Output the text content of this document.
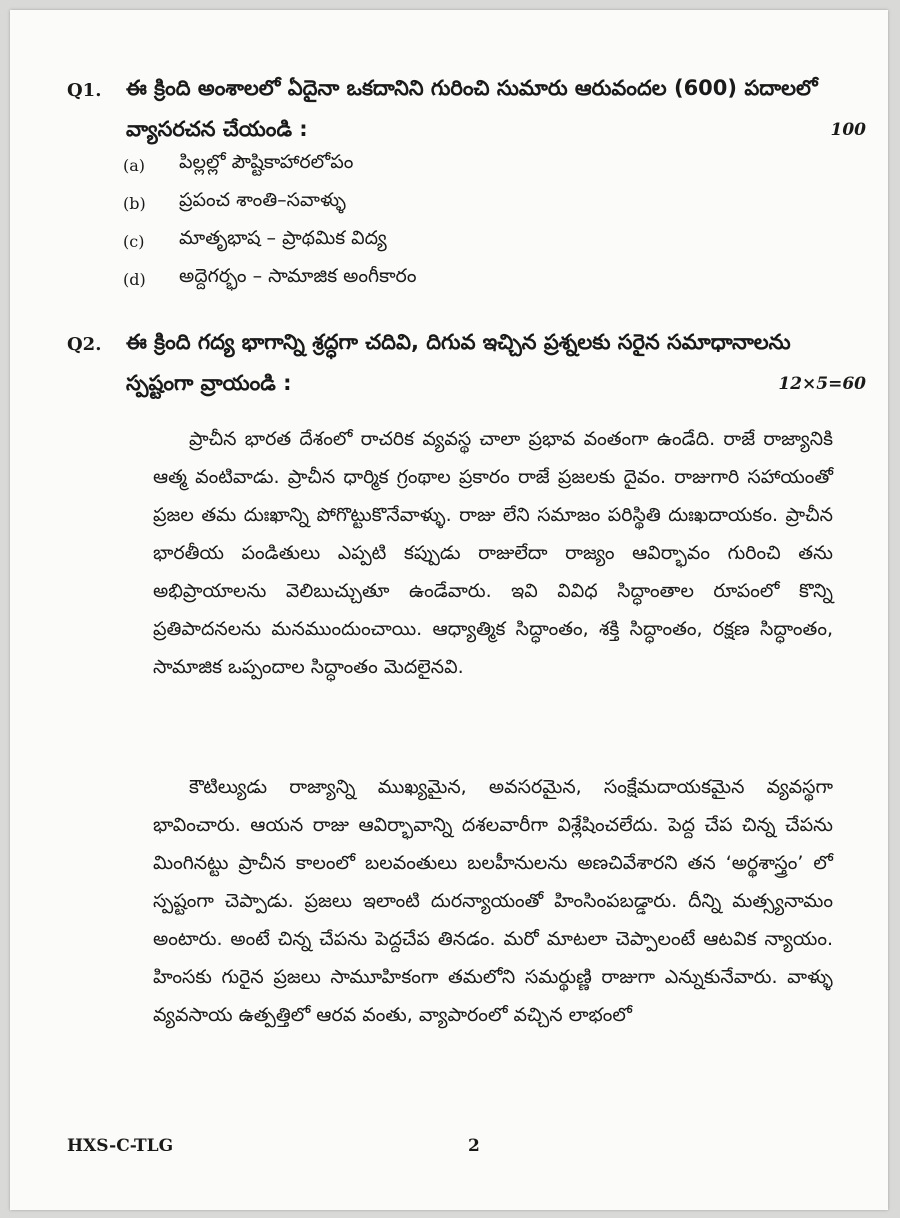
Q1. ఈ క్రింది అంశాలలో ఏదైనా ఒకదానిని గురించి సుమారు ఆరువందల (600) పదాలలో వ్యాసరచన చేయండి :	100
(a) పిల్లల్లో పౌష్టికాహారలోపం
(b) ప్రపంచ శాంతి–సవాళ్ళు
(c) మాతృభాష – ప్రాథమిక విద్య
(d) అద్దెగర్భం – సామాజిక అంగీకారం
Q2. ఈ క్రింది గద్య భాగాన్ని శ్రద్ధగా చదివి, దిగువ ఇచ్చిన ప్రశ్నలకు సరైన సమాధానాలను స్పష్టంగా వ్రాయండి :	12×5=60

ప్రాచీన భారత దేశంలో రాచరిక వ్యవస్థ చాలా ప్రభావ వంతంగా ఉండేది. రాజే రాజ్యానికి ఆత్మ వంటివాడు. ప్రాచీన ధార్మిక గ్రంథాల ప్రకారం రాజే ప్రజలకు దైవం. రాజుగారి సహాయంతో ప్రజల తమ దుఃఖాన్ని పోగొట్టుకొనేవాళ్ళు. రాజు లేని సమాజం పరిస్థితి దుఃఖదాయకం. ప్రాచీన భారతీయ పండితులు ఎప్పటి కప్పుడు రాజులేదా రాజ్యం ఆవిర్భావం గురించి తను అభిప్రాయాలను వెలిబుచ్చుతూ ఉండేవారు. ఇవి వివిధ సిద్ధాంతాల రూపంలో కొన్ని ప్రతిపాదనలను మనముందుంచాయి. ఆధ్యాత్మిక సిద్ధాంతం, శక్తి సిద్ధాంతం, రక్షణ సిద్ధాంతం, సామాజిక ఒప్పందాల సిద్ధాంతం మెదలైనవి.

కౌటిల్యుడు రాజ్యాన్ని ముఖ్యమైన, అవసరమైన, సంక్షేమదాయకమైన వ్యవస్థగా భావించారు. ఆయన రాజు ఆవిర్భావాన్ని దశలవారీగా విశ్లేషించలేదు. పెద్ద చేప చిన్న చేపను మింగినట్టు ప్రాచీన కాలంలో బలవంతులు బలహీనులను అణచివేశారని తన ‘అర్థశాస్త్రం’ లో స్పష్టంగా చెప్పాడు. ప్రజలు ఇలాంటి దురన్యాయంతో హింసింపబడ్డారు. దీన్ని మత్స్యనామం అంటారు. అంటే చిన్న చేపను పెద్దచేప తినడం. మరో మాటలా చెప్పాలంటే ఆటవిక న్యాయం. హింసకు గురైన ప్రజలు సామూహికంగా తమలోని సమర్థుణ్ణి రాజుగా ఎన్నుకునేవారు. వాళ్ళు వ్యవసాయ ఉత్పత్తిలో ఆరవ వంతు, వ్యాపారంలో వచ్చిన లాభంలో

HXS-C-TLG	2
